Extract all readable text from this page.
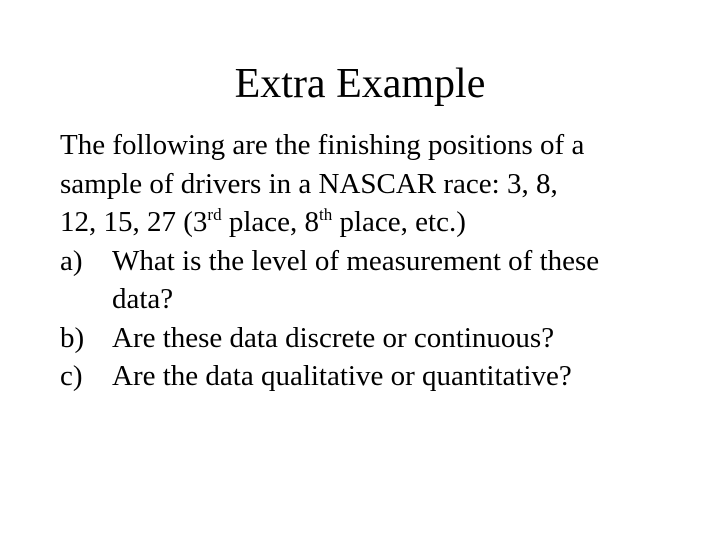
Extra Example
The following are the finishing positions of a
sample of drivers in a NASCAR race: 3, 8,
12, 15, 27 (3rd place, 8th place, etc.)
a) What is the level of measurement of these
data?
b) Are these data discrete or continuous?
c) Are the data qualitative or quantitative?
